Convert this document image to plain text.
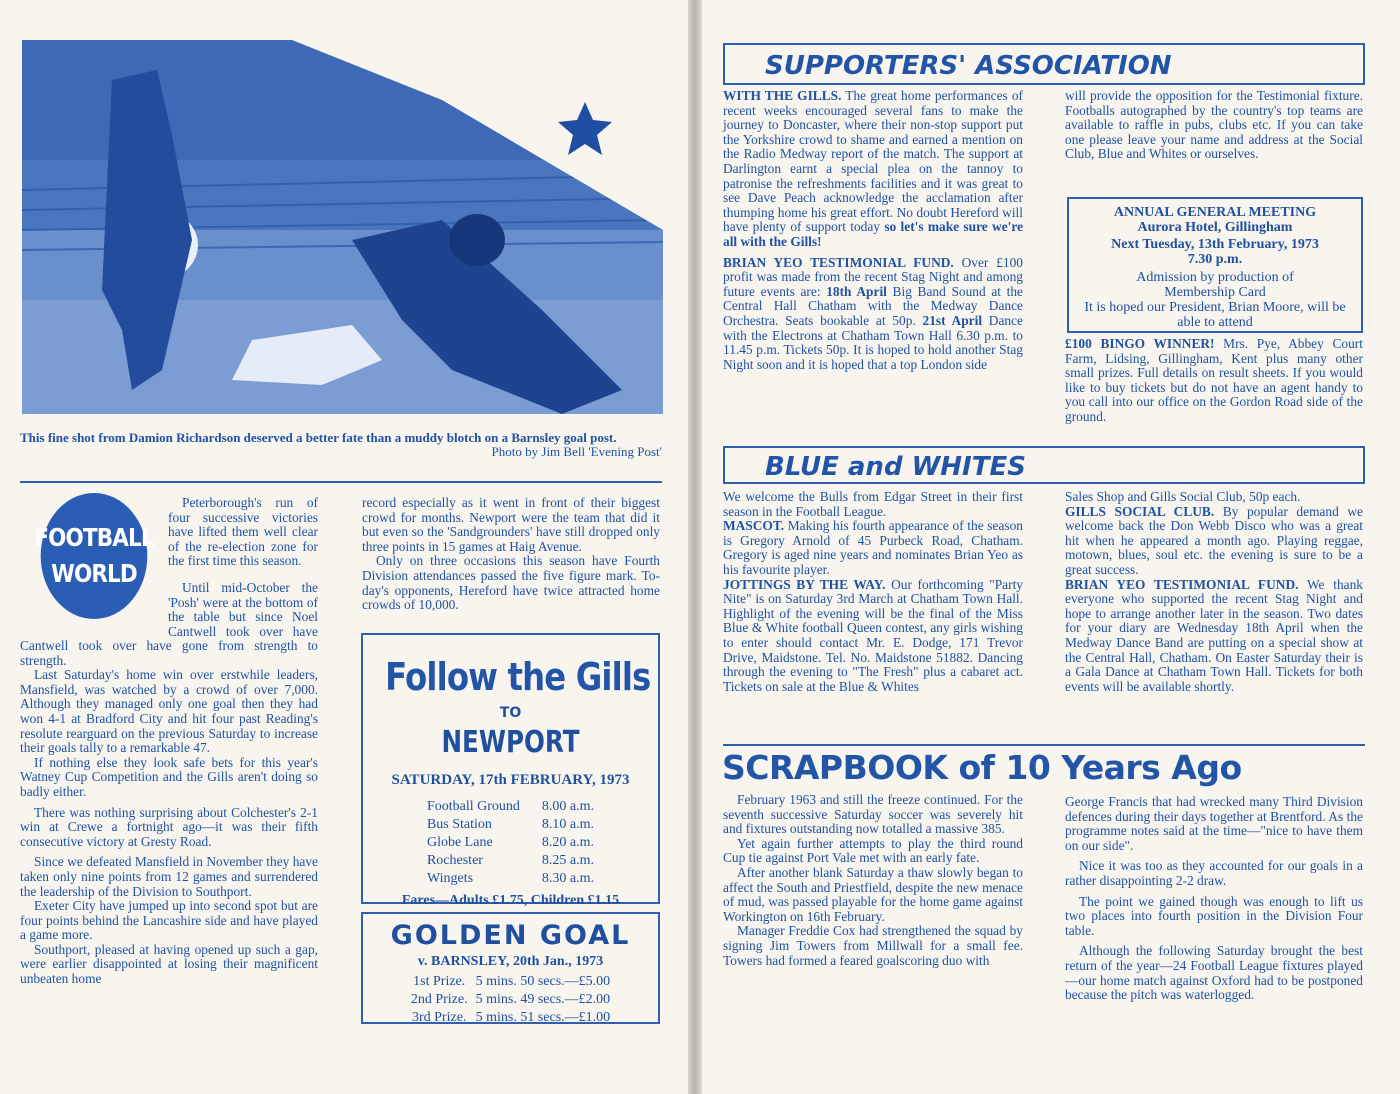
This fine shot from Damion Richardson deserved a better fate than a muddy blotch on a Barnsley goal post.

Photo by Jim Bell 'Evening Post'
FOOTBALL
WORLD

Peterborough's run of four successive victories have lifted them well clear of the re-election zone for the first time this season.

Until mid-October the 'Posh' were at the bottom of the table but since Noel Cantwell took over have

Cantwell took over have gone from strength to strength.

Last Saturday's home win over erstwhile leaders, Mansfield, was watched by a crowd of over 7,000. Although they managed only one goal then they had won 4-1 at Bradford City and hit four past Reading's resolute rearguard on the previous Saturday to increase their goals tally to a remarkable 47.

If nothing else they look safe bets for this year's Watney Cup Competition and the Gills aren't doing so badly either.

There was nothing surprising about Colchester's 2-1 win at Crewe a fortnight ago—it was their fifth consecutive victory at Gresty Road.

Since we defeated Mansfield in November they have taken only nine points from 12 games and surrendered the leadership of the Division to Southport.

Exeter City have jumped up into second spot but are four points behind the Lancashire side and have played a game more.

Southport, pleased at having opened up such a gap, were earlier disappointed at losing their magnificent unbeaten home

record especially as it went in front of their biggest crowd for months. Newport were the team that did it but even so the 'Sandgrounders' have still dropped only three points in 15 games at Haig Avenue.

Only on three occasions this season have Fourth Division attendances passed the five figure mark. To-day's opponents, Hereford have twice attracted home crowds of 10,000.

Follow the Gills
TO
NEWPORT
SATURDAY, 17th FEBRUARY, 1973
Football Ground	8.00 a.m.
Bus Station	8.10 a.m.
Globe Lane	8.20 a.m.
Rochester	8.25 a.m.
Wingets	8.30 a.m.
Fares—Adults £1.75, Children £1.15
GOLDEN GOAL
v. BARNSLEY, 20th Jan., 1973
1st Prize.	5 mins. 50 secs.—£5.00
2nd Prize.	5 mins. 49 secs.—£2.00
3rd Prize.	5 mins. 51 secs.—£1.00
SUPPORTERS' ASSOCIATION

WITH THE GILLS. The great home performances of recent weeks encouraged several fans to make the journey to Doncaster, where their non-stop support put the Yorkshire crowd to shame and earned a mention on the Radio Medway report of the match. The support at Darlington earnt a special plea on the tannoy to patronise the refreshments facilities and it was great to see Dave Peach acknowledge the acclamation after thumping home his great effort. No doubt Hereford will have plenty of support today so let's make sure we're all with the Gills!

BRIAN YEO TESTIMONIAL FUND. Over £100 profit was made from the recent Stag Night and among future events are: 18th April Big Band Sound at the Central Hall Chatham with the Medway Dance Orchestra. Seats bookable at 50p. 21st April Dance with the Electrons at Chatham Town Hall 6.30 p.m. to 11.45 p.m. Tickets 50p. It is hoped to hold another Stag Night soon and it is hoped that a top London side

will provide the opposition for the Testimonial fixture. Footballs autographed by the country's top teams are available to raffle in pubs, clubs etc. If you can take one please leave your name and address at the Social Club, Blue and Whites or ourselves.

ANNUAL GENERAL MEETING
Aurora Hotel, Gillingham
Next Tuesday, 13th February, 1973
7.30 p.m.
Admission by production of Membership Card
It is hoped our President, Brian Moore, will be able to attend

£100 BINGO WINNER! Mrs. Pye, Abbey Court Farm, Lidsing, Gillingham, Kent plus many other small prizes. Full details on result sheets. If you would like to buy tickets but do not have an agent handy to you call into our office on the Gordon Road side of the ground.

BLUE and WHITES

We welcome the Bulls from Edgar Street in their first season in the Football League.

MASCOT. Making his fourth appearance of the season is Gregory Arnold of 45 Purbeck Road, Chatham. Gregory is aged nine years and nominates Brian Yeo as his favourite player.

JOTTINGS BY THE WAY. Our forthcoming "Party Nite" is on Saturday 3rd March at Chatham Town Hall. Highlight of the evening will be the final of the Miss Blue & White football Queen contest, any girls wishing to enter should contact Mr. E. Dodge, 171 Trevor Drive, Maidstone. Tel. No. Maidstone 51882. Dancing through the evening to "The Fresh" plus a cabaret act. Tickets on sale at the Blue & Whites

Sales Shop and Gills Social Club, 50p each.

GILLS SOCIAL CLUB. By popular demand we welcome back the Don Webb Disco who was a great hit when he appeared a month ago. Playing reggae, motown, blues, soul etc. the evening is sure to be a great success.

BRIAN YEO TESTIMONIAL FUND. We thank everyone who supported the recent Stag Night and hope to arrange another later in the season. Two dates for your diary are Wednesday 18th April when the Medway Dance Band are putting on a special show at the Central Hall, Chatham. On Easter Saturday their is a Gala Dance at Chatham Town Hall. Tickets for both events will be available shortly.

SCRAPBOOK of 10 Years Ago

February 1963 and still the freeze continued. For the seventh successive Saturday soccer was severely hit and fixtures outstanding now totalled a massive 385.

Yet again further attempts to play the third round Cup tie against Port Vale met with an early fate.

After another blank Saturday a thaw slowly began to affect the South and Priestfield, despite the new menace of mud, was passed playable for the home game against Workington on 16th February.

Manager Freddie Cox had strengthened the squad by signing Jim Towers from Millwall for a small fee. Towers had formed a feared goalscoring duo with

George Francis that had wrecked many Third Division defences during their days together at Brentford. As the programme notes said at the time—"nice to have them on our side".

Nice it was too as they accounted for our goals in a rather disappointing 2-2 draw.

The point we gained though was enough to lift us two places into fourth position in the Division Four table.

Although the following Saturday brought the best return of the year—24 Football League fixtures played—our home match against Oxford had to be postponed because the pitch was waterlogged.
